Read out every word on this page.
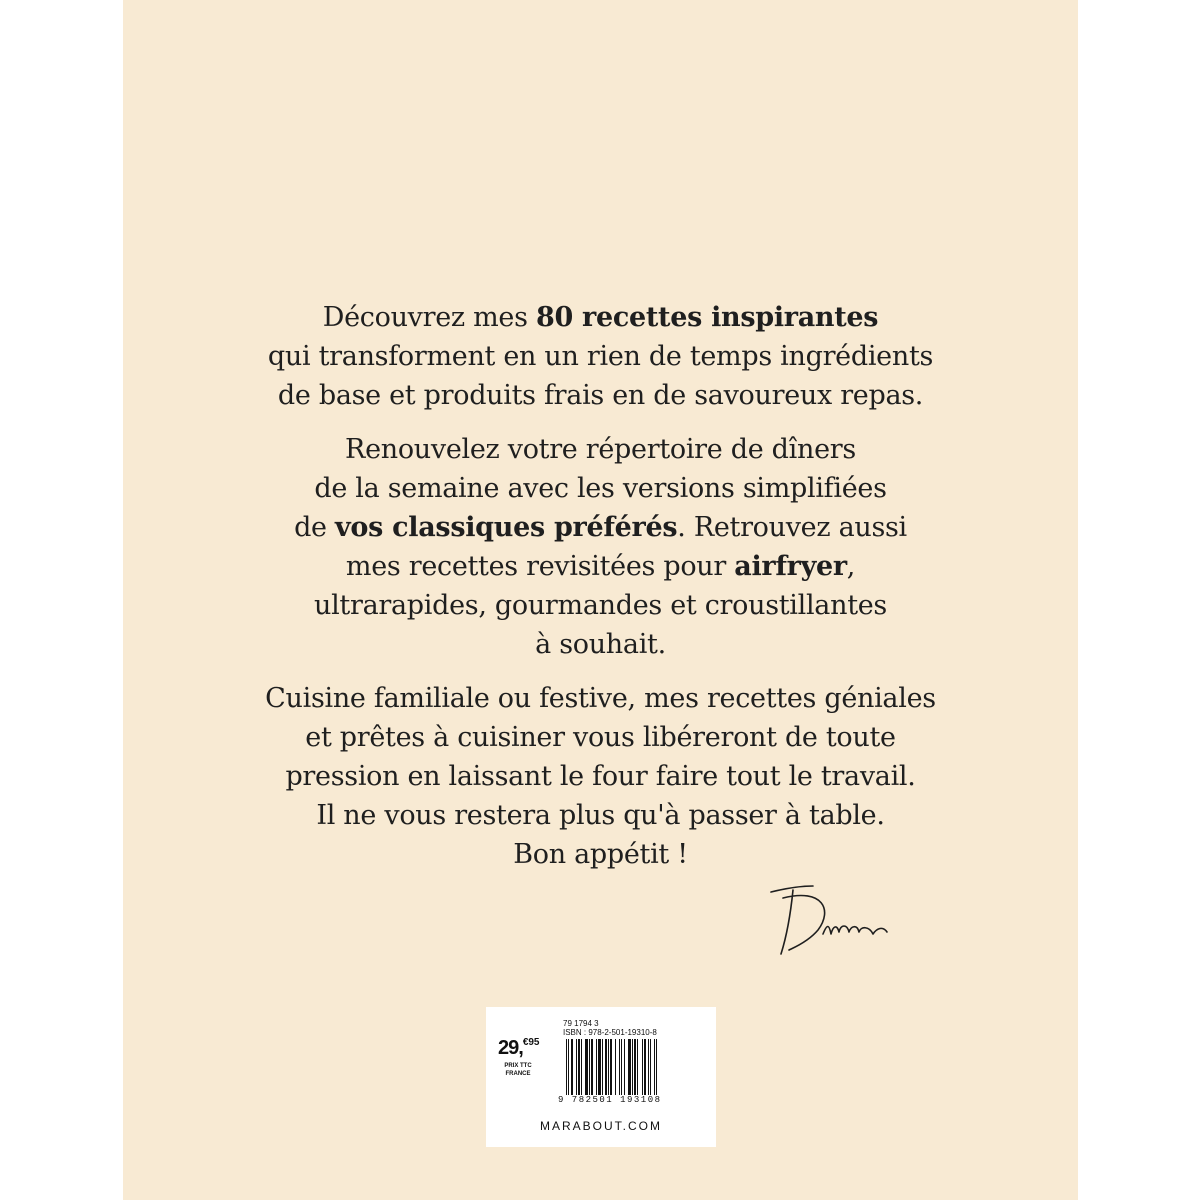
Découvrez mes 80 recettes inspirantes
qui transforment en un rien de temps ingrédients
de base et produits frais en de savoureux repas.
Renouvelez votre répertoire de dîners
de la semaine avec les versions simplifiées
de vos classiques préférés. Retrouvez aussi
mes recettes revisitées pour airfryer,
ultrarapides, gourmandes et croustillantes
à souhait.
Cuisine familiale ou festive, mes recettes géniales
et prêtes à cuisiner vous libéreront de toute
pression en laissant le four faire tout le travail.
Il ne vous restera plus qu'à passer à table.
Bon appétit !
29,$^{€95}$
PRIX TTC
FRANCE
79 1794 3
ISBN : 978-2-501-19310-8
9 782501 193108
MARABOUT.COM
